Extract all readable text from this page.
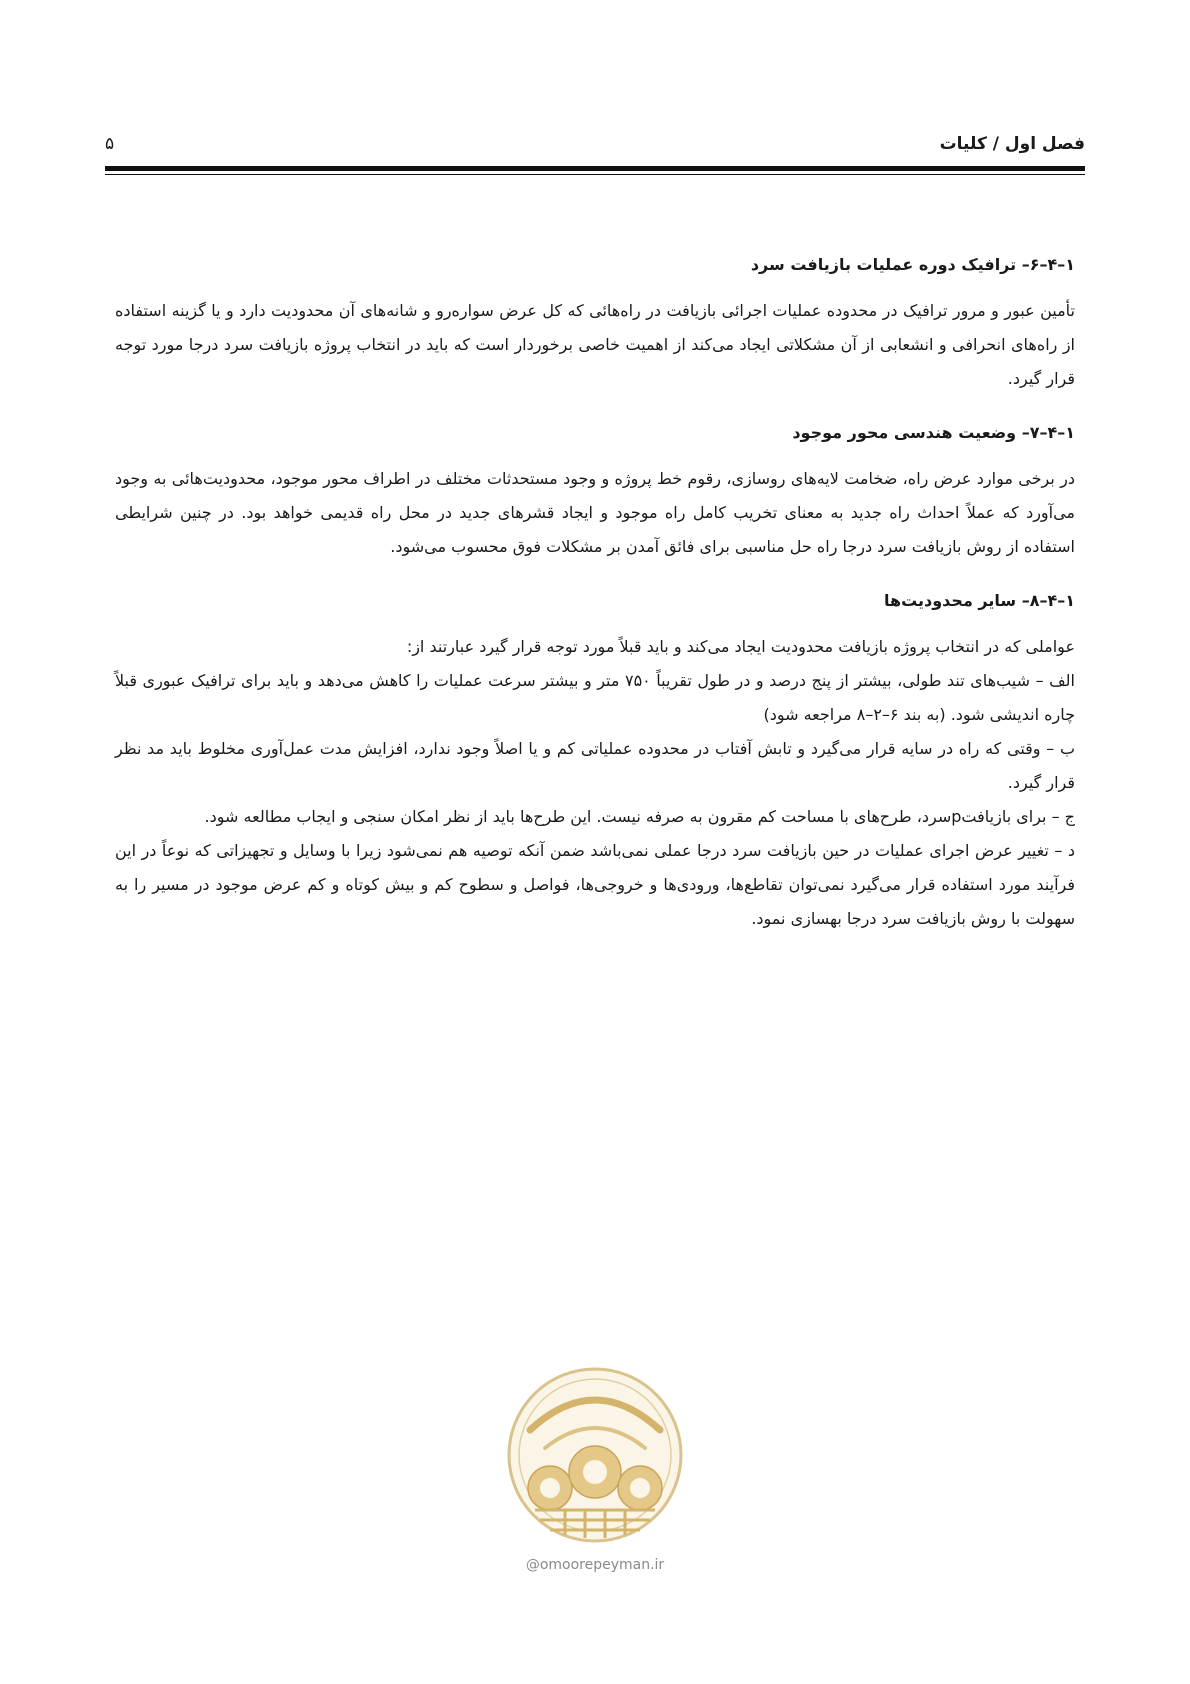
فصل اول / کلیات
۵
۱–۴–۶– ترافیک دوره عملیات بازیافت سرد

تأمین عبور و مرور ترافیک در محدوده عملیات اجرائی بازیافت در راه‌هائی که کل عرض سواره‌رو و شانه‌های آن محدودیت دارد و یا گزینه استفاده از راه‌های انحرافی و انشعابی از آن مشکلاتی ایجاد می‌کند از اهمیت خاصی برخوردار است که باید در انتخاب پروژه بازیافت سرد درجا مورد توجه قرار گیرد.

۱–۴–۷– وضعیت هندسی محور موجود

در برخی موارد عرض راه، ضخامت لایه‌های روسازی، رقوم خط پروژه و وجود مستحدثات مختلف در اطراف محور موجود، محدودیت‌هائی به وجود می‌آورد که عملاً احداث راه جدید به معنای تخریب کامل راه موجود و ایجاد قشرهای جدید در محل راه قدیمی خواهد بود. در چنین شرایطی استفاده از روش بازیافت سرد درجا راه حل مناسبی برای فائق آمدن بر مشکلات فوق محسوب می‌شود.

۱–۴–۸– سایر محدودیت‌ها
عواملی که در انتخاب پروژه بازیافت محدودیت ایجاد می‌کند و باید قبلاً مورد توجه قرار گیرد عبارتند از:
الف – شیب‌های تند طولی، بیشتر از پنج درصد و در طول تقریباً ۷۵۰ متر و بیشتر سرعت عملیات را کاهش می‌دهد و باید برای ترافیک عبوری قبلاً چاره اندیشی شود. (به بند ۶–۲–۸ مراجعه شود)
ب – وقتی که راه در سایه قرار می‌گیرد و تابش آفتاب در محدوده عملیاتی کم و یا اصلاً وجود ندارد، افزایش مدت عمل‌آوری مخلوط باید مد نظر قرار گیرد.
ج – برای بازیافتpسرد، طرح‌های با مساحت کم مقرون به صرفه نیست. این طرح‌ها باید از نظر امکان سنجی و ایجاب مطالعه شود.
د – تغییر عرض اجرای عملیات در حین بازیافت سرد درجا عملی نمی‌باشد ضمن آنکه توصیه هم نمی‌شود زیرا با وسایل و تجهیزاتی که نوعاً در این فرآیند مورد استفاده قرار می‌گیرد نمی‌توان تقاطع‌ها، ورودی‌ها و خروجی‌ها، فواصل و سطوح کم و بیش کوتاه و کم عرض موجود در مسیر را به سهولت با روش بازیافت سرد درجا بهسازی نمود.
@omoorepeyman.ir
